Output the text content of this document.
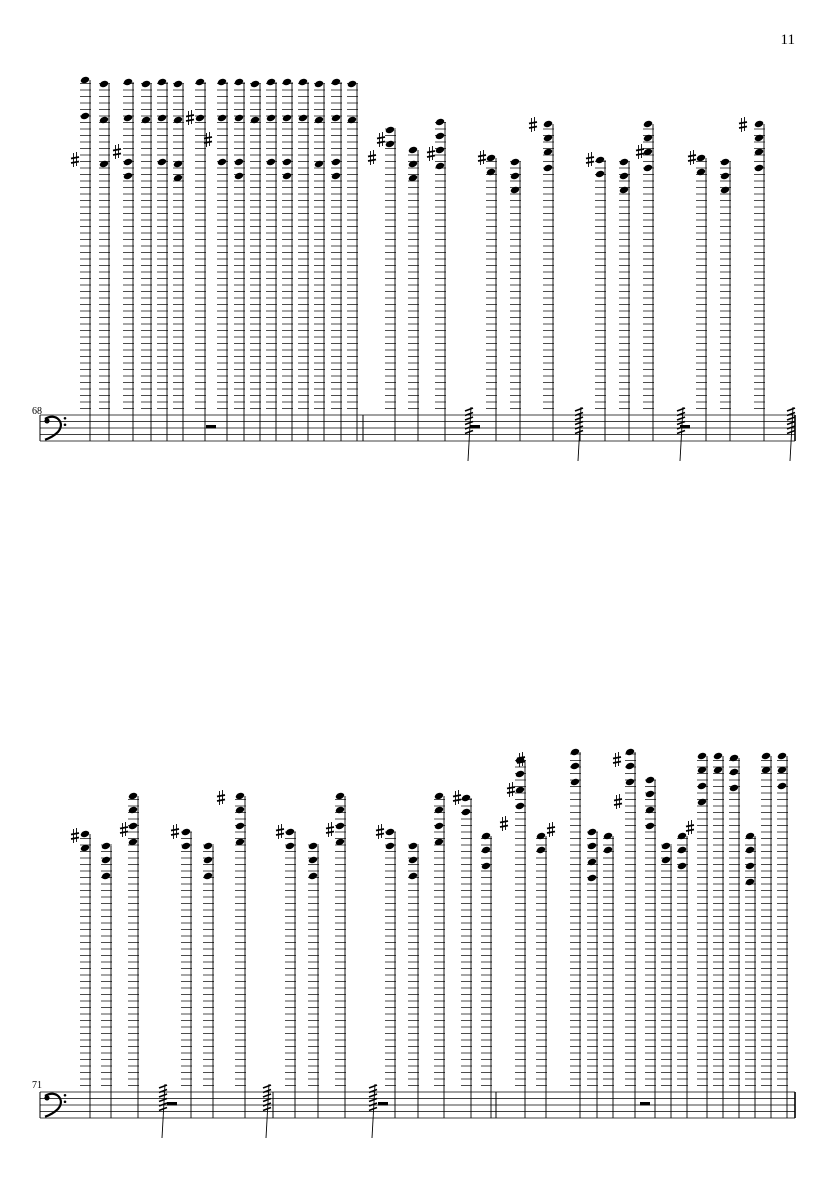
11
68
71
